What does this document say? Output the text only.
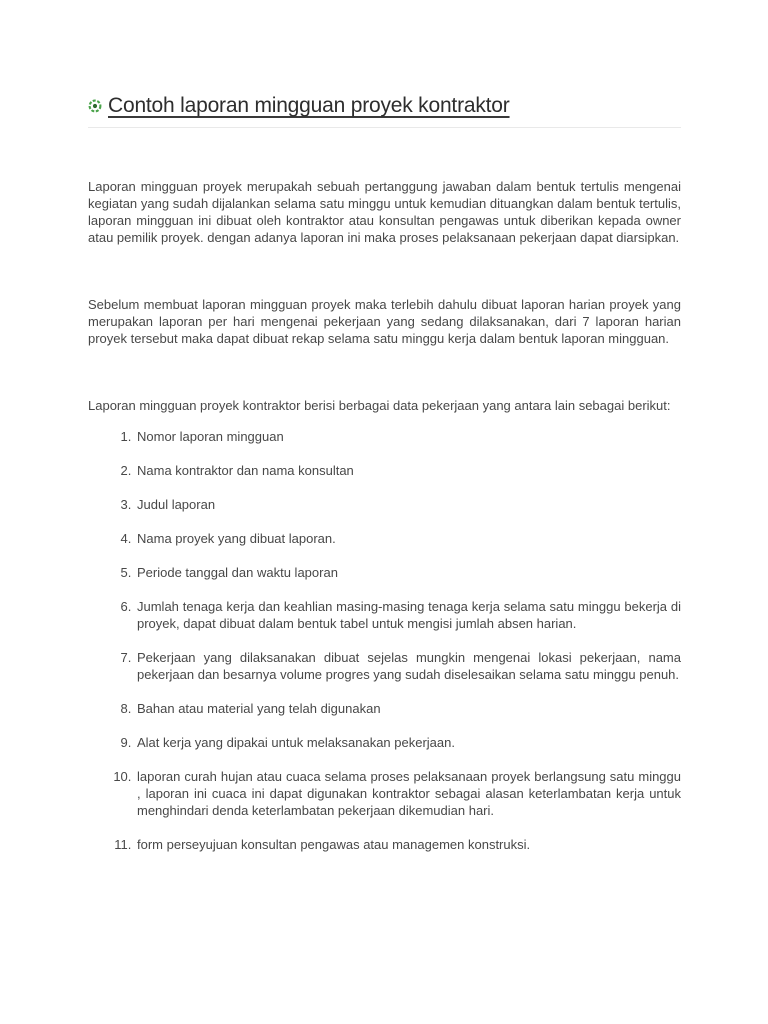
Contoh laporan mingguan proyek kontraktor

Laporan mingguan proyek merupakah sebuah pertanggung jawaban dalam bentuk tertulis mengenai kegiatan yang sudah dijalankan selama satu minggu untuk kemudian dituangkan dalam bentuk tertulis, laporan mingguan ini dibuat oleh kontraktor atau konsultan pengawas untuk diberikan kepada owner atau pemilik proyek. dengan adanya laporan ini maka proses pelaksanaan pekerjaan dapat diarsipkan.

Sebelum membuat laporan mingguan proyek maka terlebih dahulu dibuat laporan harian proyek yang merupakan laporan per hari mengenai pekerjaan yang sedang dilaksanakan, dari 7 laporan harian proyek tersebut maka dapat dibuat rekap selama satu minggu kerja dalam bentuk laporan mingguan.

Laporan mingguan proyek kontraktor berisi berbagai data pekerjaan yang antara lain sebagai berikut:

1. Nomor laporan mingguan
2. Nama kontraktor dan nama konsultan
3. Judul laporan
4. Nama proyek yang dibuat laporan.
5. Periode tanggal dan waktu laporan
6. Jumlah tenaga kerja dan keahlian masing-masing tenaga kerja selama satu minggu bekerja di proyek, dapat dibuat dalam bentuk tabel untuk mengisi jumlah absen harian.
7. Pekerjaan yang dilaksanakan dibuat sejelas mungkin mengenai lokasi pekerjaan, nama pekerjaan dan besarnya volume progres yang sudah diselesaikan selama satu minggu penuh.
8. Bahan atau material yang telah digunakan
9. Alat kerja yang dipakai untuk melaksanakan pekerjaan.
10. laporan curah hujan atau cuaca selama proses pelaksanaan proyek berlangsung satu minggu , laporan ini cuaca ini dapat digunakan kontraktor sebagai alasan keterlambatan kerja untuk menghindari denda keterlambatan pekerjaan dikemudian hari.
11. form perseyujuan konsultan pengawas atau managemen konstruksi.
